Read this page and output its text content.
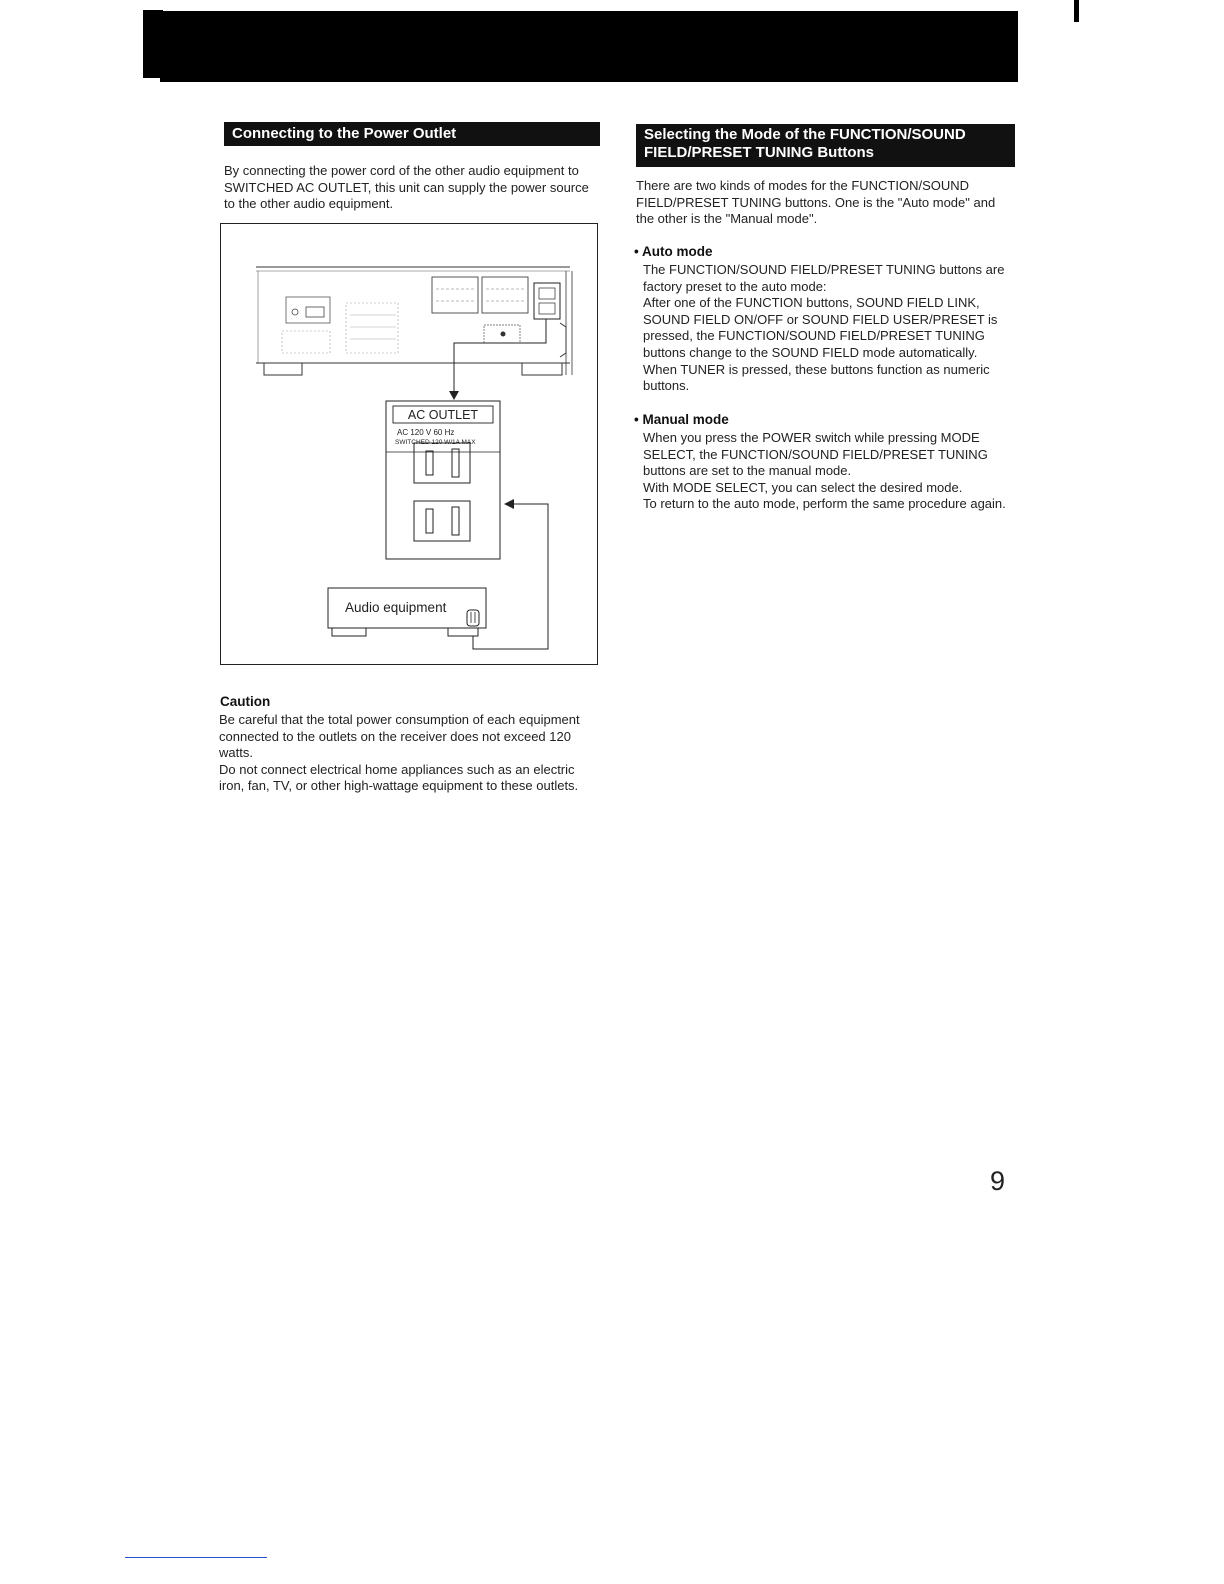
Connecting to the Power Outlet

By connecting the power cord of the other audio equipment to SWITCHED AC OUTLET, this unit can supply the power source to the other audio equipment.

AC OUTLET
AC 120 V 60 Hz
SWITCHED 120 W/1A MAX
Audio equipment
Caution
Be careful that the total power consumption of each equipment connected to the outlets on the receiver does not exceed 120 watts.
Do not connect electrical home appliances such as an electric iron, fan, TV, or other high-wattage equipment to these outlets.
Selecting the Mode of the FUNCTION/SOUND
FIELD/PRESET TUNING Buttons

There are two kinds of modes for the FUNCTION/SOUND FIELD/PRESET TUNING buttons. One is the "Auto mode" and the other is the "Manual mode".

• Auto mode
The FUNCTION/SOUND FIELD/PRESET TUNING buttons are factory preset to the auto mode:
After one of the FUNCTION buttons, SOUND FIELD LINK, SOUND FIELD ON/OFF or SOUND FIELD USER/PRESET is pressed, the FUNCTION/SOUND FIELD/PRESET TUNING buttons change to the SOUND FIELD mode automatically.
When TUNER is pressed, these buttons function as numeric buttons.
• Manual mode
When you press the POWER switch while pressing MODE SELECT, the FUNCTION/SOUND FIELD/PRESET TUNING buttons are set to the manual mode.
With MODE SELECT, you can select the desired mode.
To return to the auto mode, perform the same procedure again.
9
